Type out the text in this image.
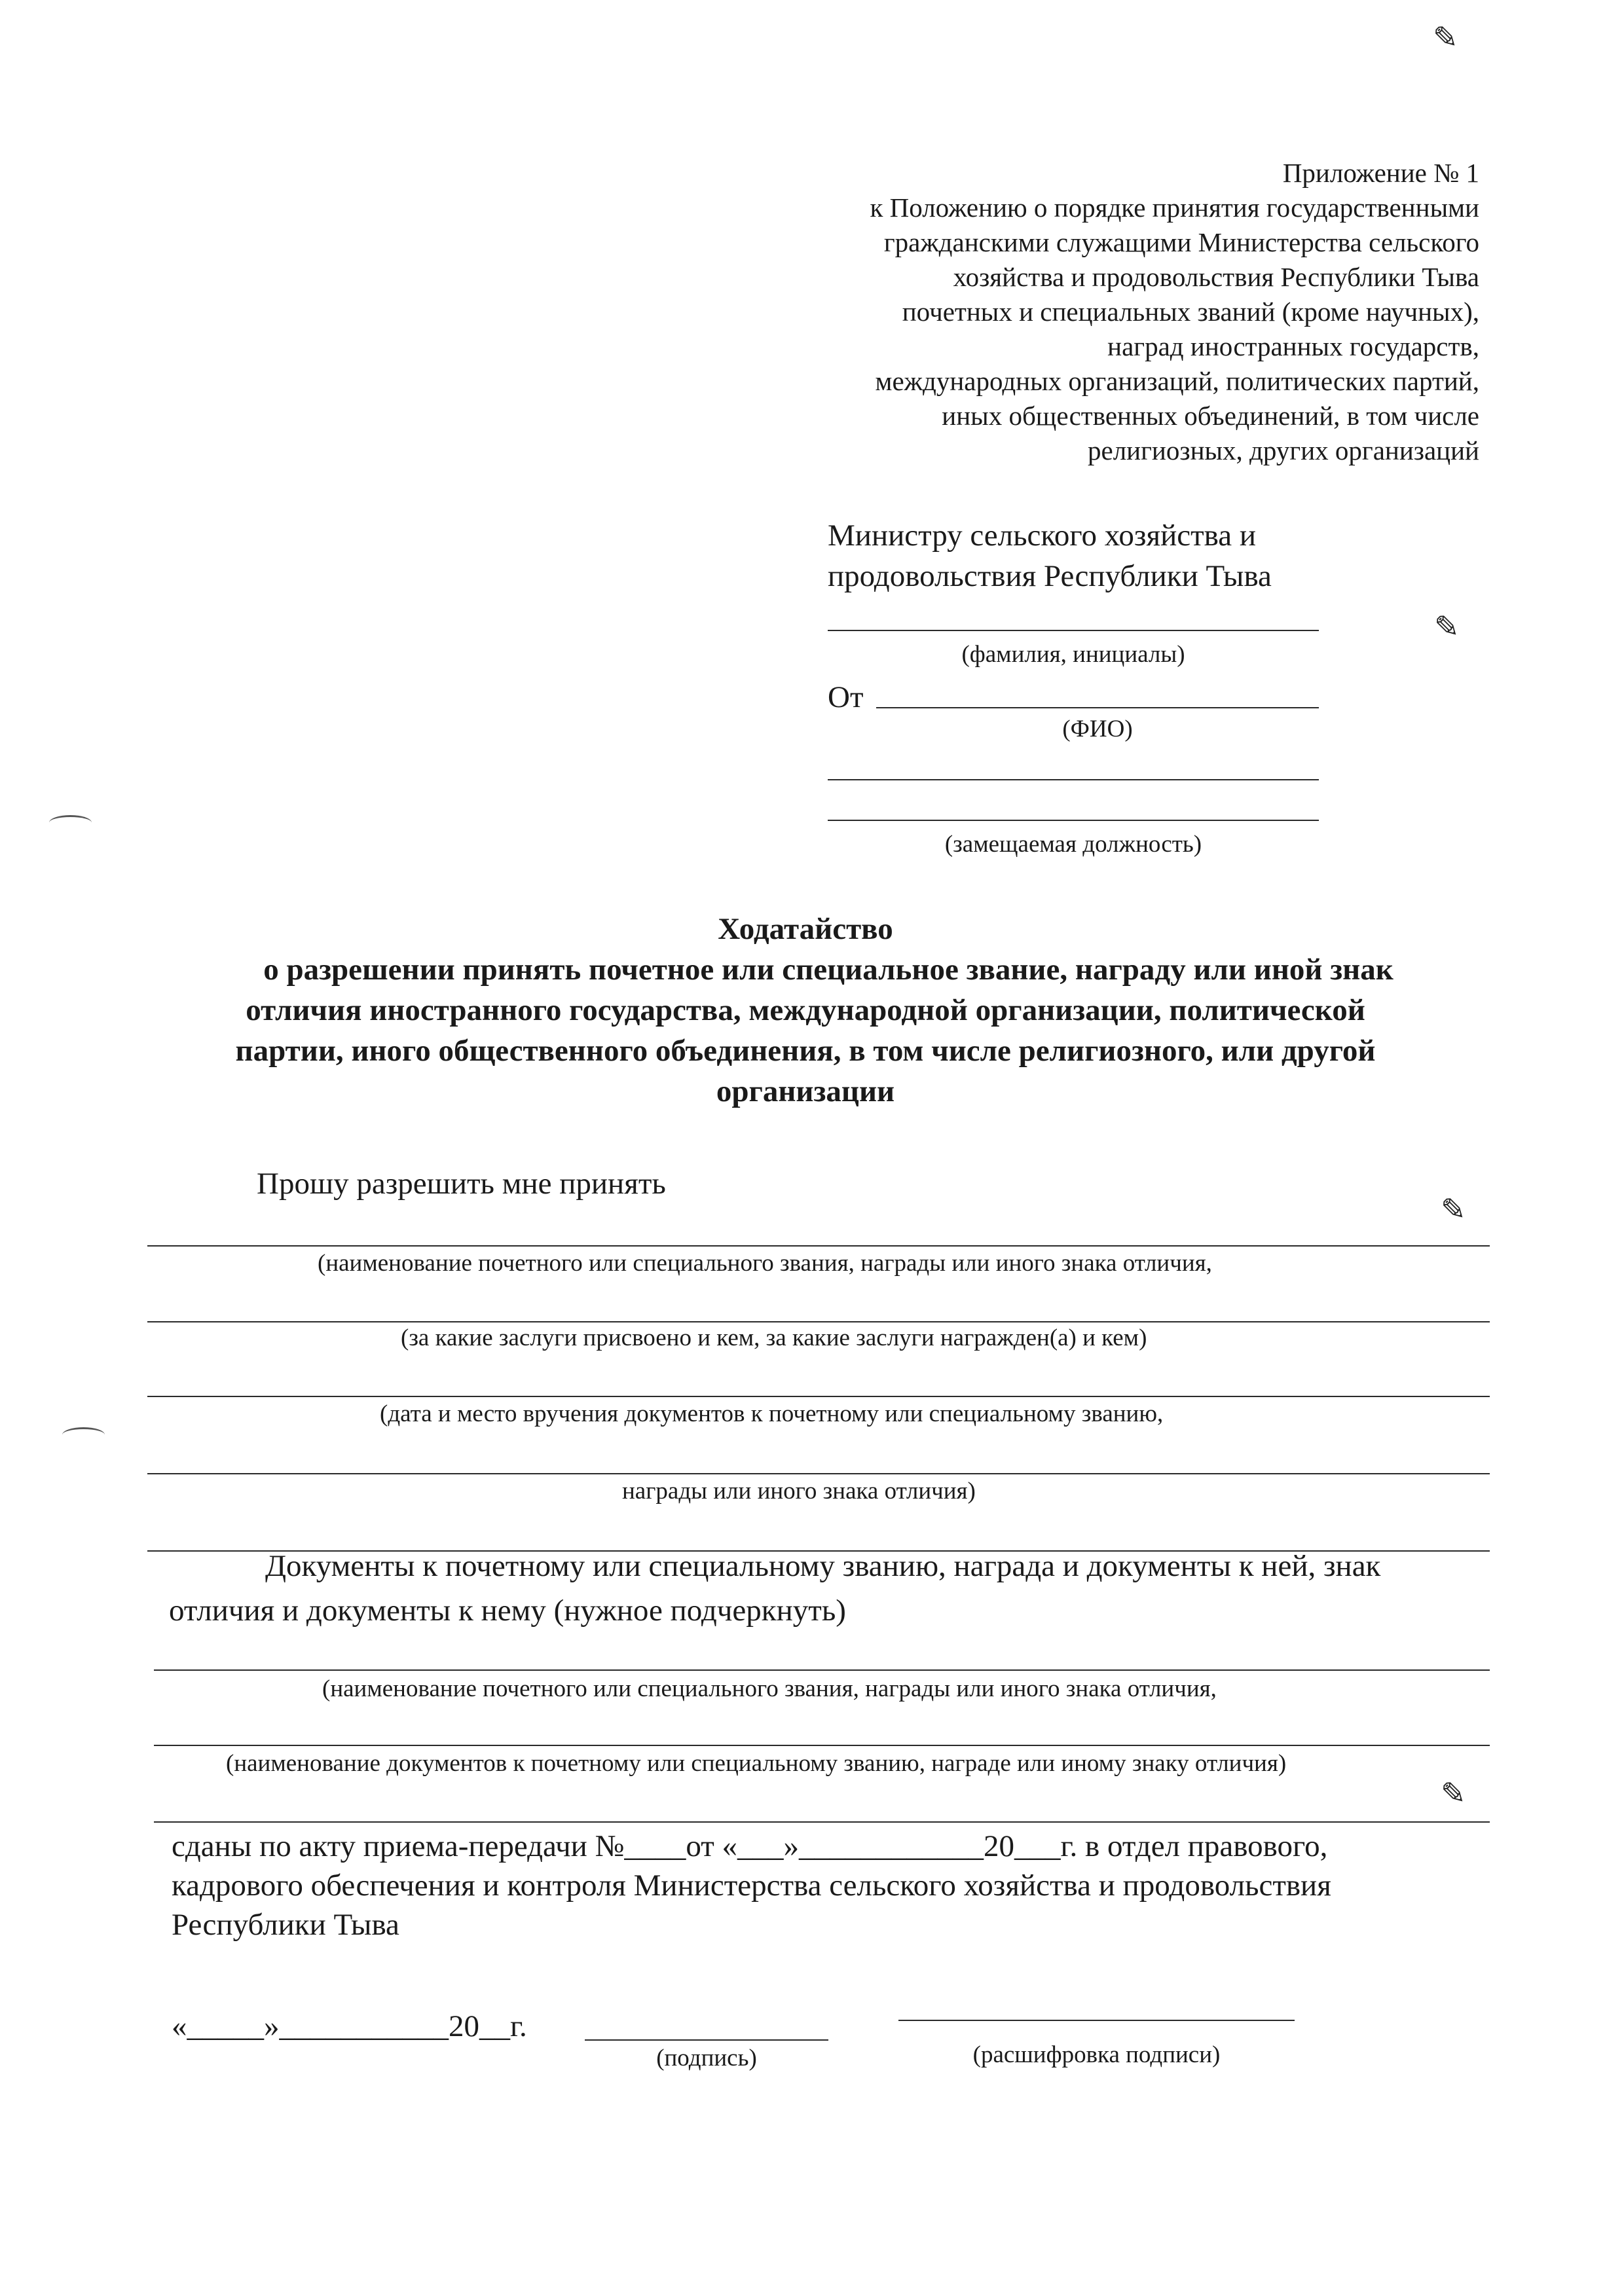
✎
✎
✎
✎
Приложение № 1
к Положению о порядке принятия государственными
гражданскими служащими Министерства сельского
хозяйства и продовольствия Республики Тыва
почетных и специальных званий (кроме научных),
наград иностранных государств,
международных организаций, политических партий,
иных общественных объединений, в том числе
религиозных, других организаций
Министру сельского хозяйства и
продовольствия Республики Тыва
(фамилия, инициалы)
От
(ФИО)
(замещаемая должность)
Ходатайство
о разрешении принять почетное или специальное звание, награду или иной знак
отличия иностранного государства, международной организации, политической
партии, иного общественного объединения, в том числе религиозного, или другой
организации
Прошу разрешить мне принять
(наименование почетного или специального звания, награды или иного знака отличия,
(за какие заслуги присвоено и кем, за какие заслуги награжден(а) и кем)
(дата и место вручения документов к почетному или специальному званию,
награды или иного знака отличия)
Документы к почетному или специальному званию, награда и документы к ней, знак
отличия и документы к нему (нужное подчеркнуть)
(наименование почетного или специального звания, награды или иного знака отличия,
(наименование документов к почетному или специальному званию, награде или иному знаку отличия)
сданы по акту приема-передачи №____от «___»____________20___г. в отдел правового,
кадрового обеспечения и контроля Министерства сельского хозяйства и продовольствия
Республики Тыва
«_____»___________20__г.
(подпись)	(расшифровка подписи)
